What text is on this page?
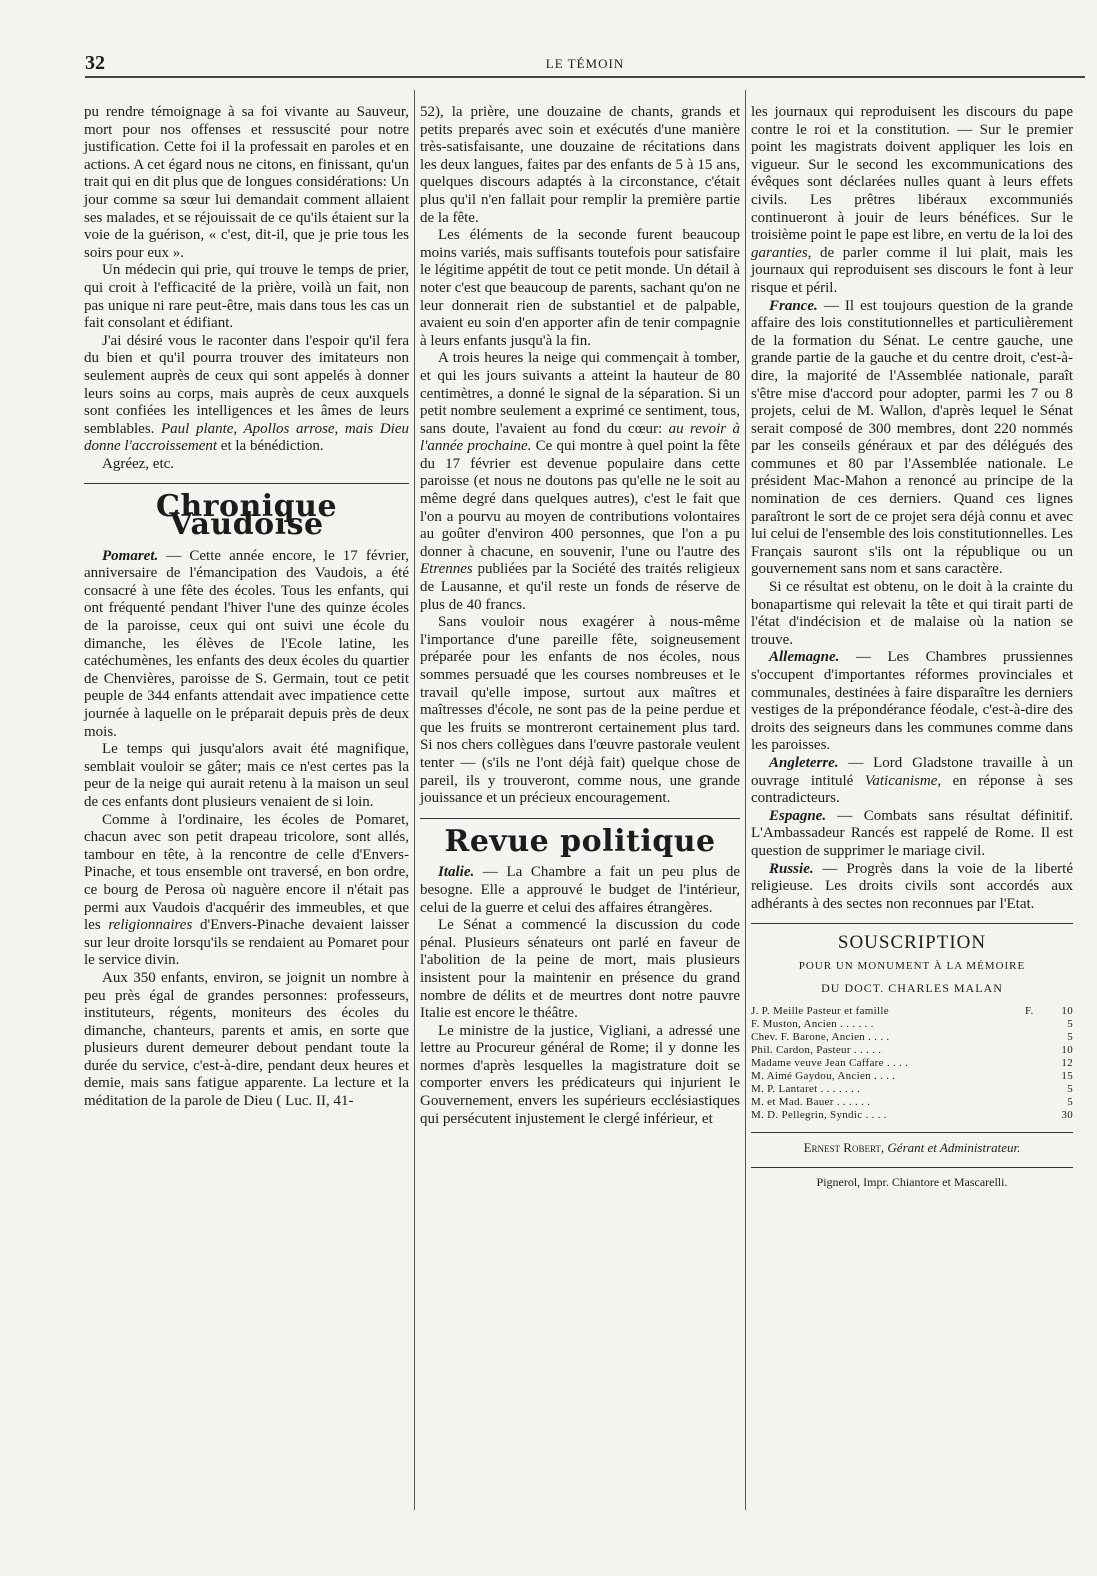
32	LE TÉMOIN

pu rendre témoignage à sa foi vivante au Sauveur, mort pour nos offenses et ressuscité pour notre justification. Cette foi il la professait en paroles et en actions. A cet égard nous ne citons, en finissant, qu'un trait qui en dit plus que de longues considérations: Un jour comme sa sœur lui demandait comment allaient ses malades, et se réjouissait de ce qu'ils étaient sur la voie de la guérison, « c'est, dit-il, que je prie tous les soirs pour eux ».

Un médecin qui prie, qui trouve le temps de prier, qui croit à l'efficacité de la prière, voilà un fait, non pas unique ni rare peut-être, mais dans tous les cas un fait consolant et édifiant.

J'ai désiré vous le raconter dans l'espoir qu'il fera du bien et qu'il pourra trouver des imitateurs non seulement auprès de ceux qui sont appelés à donner leurs soins au corps, mais auprès de ceux auxquels sont confiées les intelligences et les âmes de leurs semblables. Paul plante, Apollos arrose, mais Dieu donne l'accroissement et la bénédiction.

Agréez, etc.

Chronique Vaudoise

Pomaret. — Cette année encore, le 17 février, anniversaire de l'émancipation des Vaudois, a été consacré à une fête des écoles. Tous les enfants, qui ont fréquenté pendant l'hiver l'une des quinze écoles de la paroisse, ceux qui ont suivi une école du dimanche, les élèves de l'Ecole latine, les catéchumènes, les enfants des deux écoles du quartier de Chenvières, paroisse de S. Germain, tout ce petit peuple de 344 enfants attendait avec impatience cette journée à laquelle on le préparait depuis près de deux mois.

Le temps qui jusqu'alors avait été magnifique, semblait vouloir se gâter; mais ce n'est certes pas la peur de la neige qui aurait retenu à la maison un seul de ces enfants dont plusieurs venaient de si loin.

Comme à l'ordinaire, les écoles de Pomaret, chacun avec son petit drapeau tricolore, sont allés, tambour en tête, à la rencontre de celle d'Envers-Pinache, et tous ensemble ont traversé, en bon ordre, ce bourg de Perosa où naguère encore il n'était pas permi aux Vaudois d'acquérir des immeubles, et que les religionnaires d'Envers-Pinache devaient laisser sur leur droite lorsqu'ils se rendaient au Pomaret pour le service divin.

Aux 350 enfants, environ, se joignit un nombre à peu près égal de grandes personnes: professeurs, instituteurs, régents, moniteurs des écoles du dimanche, chanteurs, parents et amis, en sorte que plusieurs durent demeurer debout pendant toute la durée du service, c'est-à-dire, pendant deux heures et demie, mais sans fatigue apparente. La lecture et la méditation de la parole de Dieu ( Luc. II, 41-

52), la prière, une douzaine de chants, grands et petits preparés avec soin et exécutés d'une manière très-satisfaisante, une douzaine de récitations dans les deux langues, faites par des enfants de 5 à 15 ans, quelques discours adaptés à la circonstance, c'était plus qu'il n'en fallait pour remplir la première partie de la fête.

Les éléments de la seconde furent beaucoup moins variés, mais suffisants toutefois pour satisfaire le légitime appétit de tout ce petit monde. Un détail à noter c'est que beaucoup de parents, sachant qu'on ne leur donnerait rien de substantiel et de palpable, avaient eu soin d'en apporter afin de tenir compagnie à leurs enfants jusqu'à la fin.

A trois heures la neige qui commençait à tomber, et qui les jours suivants a atteint la hauteur de 80 centimètres, a donné le signal de la séparation. Si un petit nombre seulement a exprimé ce sentiment, tous, sans doute, l'avaient au fond du cœur: au revoir à l'année prochaine. Ce qui montre à quel point la fête du 17 février est devenue populaire dans cette paroisse (et nous ne doutons pas qu'elle ne le soit au même degré dans quelques autres), c'est le fait que l'on a pourvu au moyen de contributions volontaires au goûter d'environ 400 personnes, que l'on a pu donner à chacune, en souvenir, l'une ou l'autre des Etrennes publiées par la Société des traités religieux de Lausanne, et qu'il reste un fonds de réserve de plus de 40 francs.

Sans vouloir nous exagérer à nous-même l'importance d'une pareille fête, soigneusement préparée pour les enfants de nos écoles, nous sommes persuadé que les courses nombreuses et le travail qu'elle impose, surtout aux maîtres et maîtresses d'école, ne sont pas de la peine perdue et que les fruits se montreront certainement plus tard. Si nos chers collègues dans l'œuvre pastorale veulent tenter — (s'ils ne l'ont déjà fait) quelque chose de pareil, ils y trouveront, comme nous, une grande jouissance et un précieux encouragement.

Revue politique

Italie. — La Chambre a fait un peu plus de besogne. Elle a approuvé le budget de l'intérieur, celui de la guerre et celui des affaires étrangères.

Le Sénat a commencé la discussion du code pénal. Plusieurs sénateurs ont parlé en faveur de l'abolition de la peine de mort, mais plusieurs insistent pour la maintenir en présence du grand nombre de délits et de meurtres dont notre pauvre Italie est encore le théâtre.

Le ministre de la justice, Vigliani, a adressé une lettre au Procureur général de Rome; il y donne les normes d'après lesquelles la magistrature doit se comporter envers les prédicateurs qui injurient le Gouvernement, envers les supérieurs ecclésiastiques qui persécutent injustement le clergé inférieur, et

les journaux qui reproduisent les discours du pape contre le roi et la constitution. — Sur le premier point les magistrats doivent appliquer les lois en vigueur. Sur le second les excommunications des évêques sont déclarées nulles quant à leurs effets civils. Les prêtres libéraux excommuniés continueront à jouir de leurs bénéfices. Sur le troisième point le pape est libre, en vertu de la loi des garanties, de parler comme il lui plait, mais les journaux qui reproduisent ses discours le font à leur risque et péril.

France. — Il est toujours question de la grande affaire des lois constitutionnelles et particulièrement de la formation du Sénat. Le centre gauche, une grande partie de la gauche et du centre droit, c'est-à-dire, la majorité de l'Assemblée nationale, paraît s'être mise d'accord pour adopter, parmi les 7 ou 8 projets, celui de M. Wallon, d'après lequel le Sénat serait composé de 300 membres, dont 220 nommés par les conseils généraux et par des délégués des communes et 80 par l'Assemblée nationale. Le président Mac-Mahon a renoncé au principe de la nomination de ces derniers. Quand ces lignes paraîtront le sort de ce projet sera déjà connu et avec lui celui de l'ensemble des lois constitutionnelles. Les Français sauront s'ils ont la république ou un gouvernement sans nom et sans caractère.

Si ce résultat est obtenu, on le doit à la crainte du bonapartisme qui relevait la tête et qui tirait parti de l'état d'indécision et de malaise où la nation se trouve.

Allemagne. — Les Chambres prussiennes s'occupent d'importantes réformes provinciales et communales, destinées à faire disparaître les derniers vestiges de la prépondérance féodale, c'est-à-dire des droits des seigneurs dans les communes comme dans les paroisses.

Angleterre. — Lord Gladstone travaille à un ouvrage intitulé Vaticanisme, en réponse à ses contradicteurs.

Espagne. — Combats sans résultat définitif. L'Ambassadeur Rancés est rappelé de Rome. Il est question de supprimer le mariage civil.

Russie. — Progrès dans la voie de la liberté religieuse. Les droits civils sont accordés aux adhérants à des sectes non reconnues par l'Etat.

SOUSCRIPTION
POUR UN MONUMENT À LA MÉMOIRE
DU DOCT. CHARLES MALAN
J. P. Meille Pasteur et famille	F.	10
F. Muston, Ancien . . . . . .	5
Chev. F. Barone, Ancien . . . .	5
Phil. Cardon, Pasteur . . . . .	10
Madame veuve Jean Caffare . . . .	12
M. Aimé Gaydou, Ancien . . . .	15
M. P. Lantaret . . . . . . .	5
M. et Mad. Bauer . . . . . .	5
M. D. Pellegrin, Syndic . . . .	30
Ernest Robert, Gérant et Administrateur.
Pignerol, Impr. Chiantore et Mascarelli.
